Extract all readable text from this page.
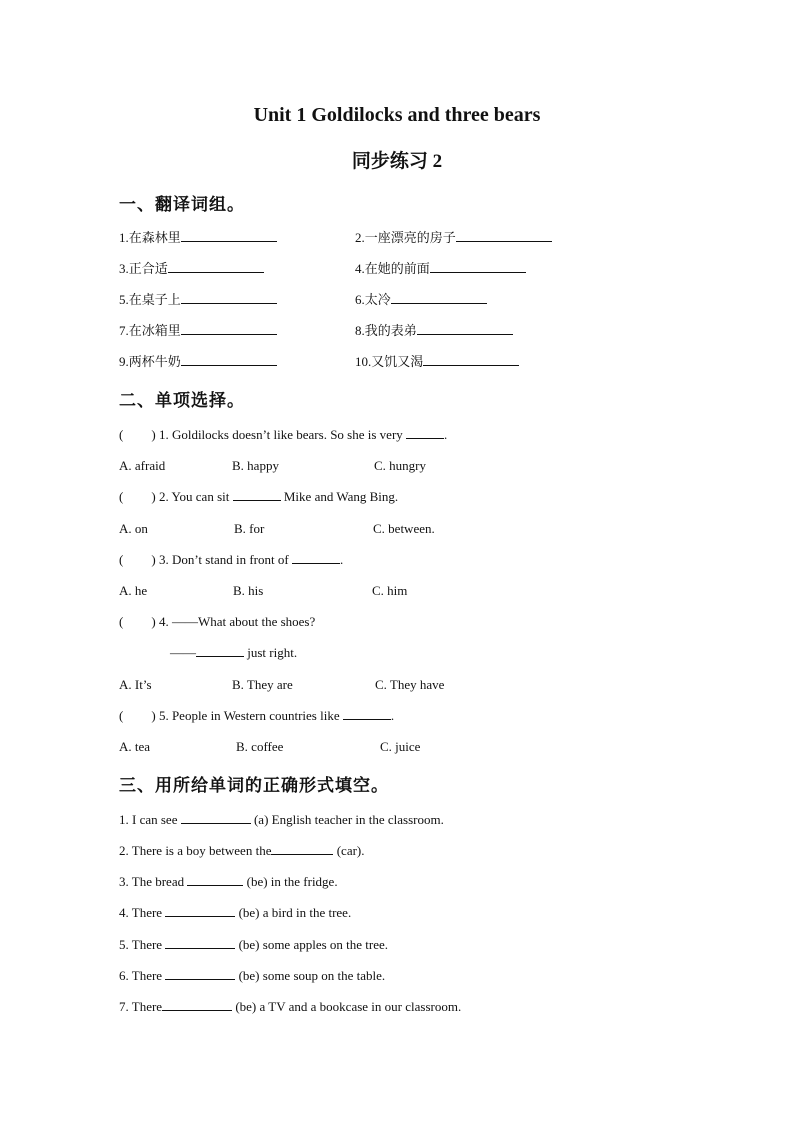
Unit 1 Goldilocks and three bears
同步练习 2
一、翻译词组。
1.在森林里	2.一座漂亮的房子
3.正合适	4.在她的前面
5.在桌子上	6.太冷
7.在冰箱里	8.我的表弟
9.两杯牛奶	10.又饥又渴
二、单项选择。
( ) 1. Goldilocks doesn’t like bears. So she is very	.
A. afraid	B. happy	C. hungry
( ) 2. You can sit	Mike and Wang Bing.
A. on	B. for	C. between.
( ) 3. Don’t stand in front of	.
A. he	B. his	C. him
( ) 4. ——What about the shoes?
——	just right.
A. It’s	B. They are	C. They have
( ) 5. People in Western countries like	.
A. tea	B. coffee	C. juice
三、用所给单词的正确形式填空。
1. I can see	(a) English teacher in the classroom.
2. There is a boy between the	(car).
3. The bread	(be) in the fridge.
4. There	(be) a bird in the tree.
5. There	(be) some apples on the tree.
6. There	(be) some soup on the table.
7. There	(be) a TV and a bookcase in our classroom.
